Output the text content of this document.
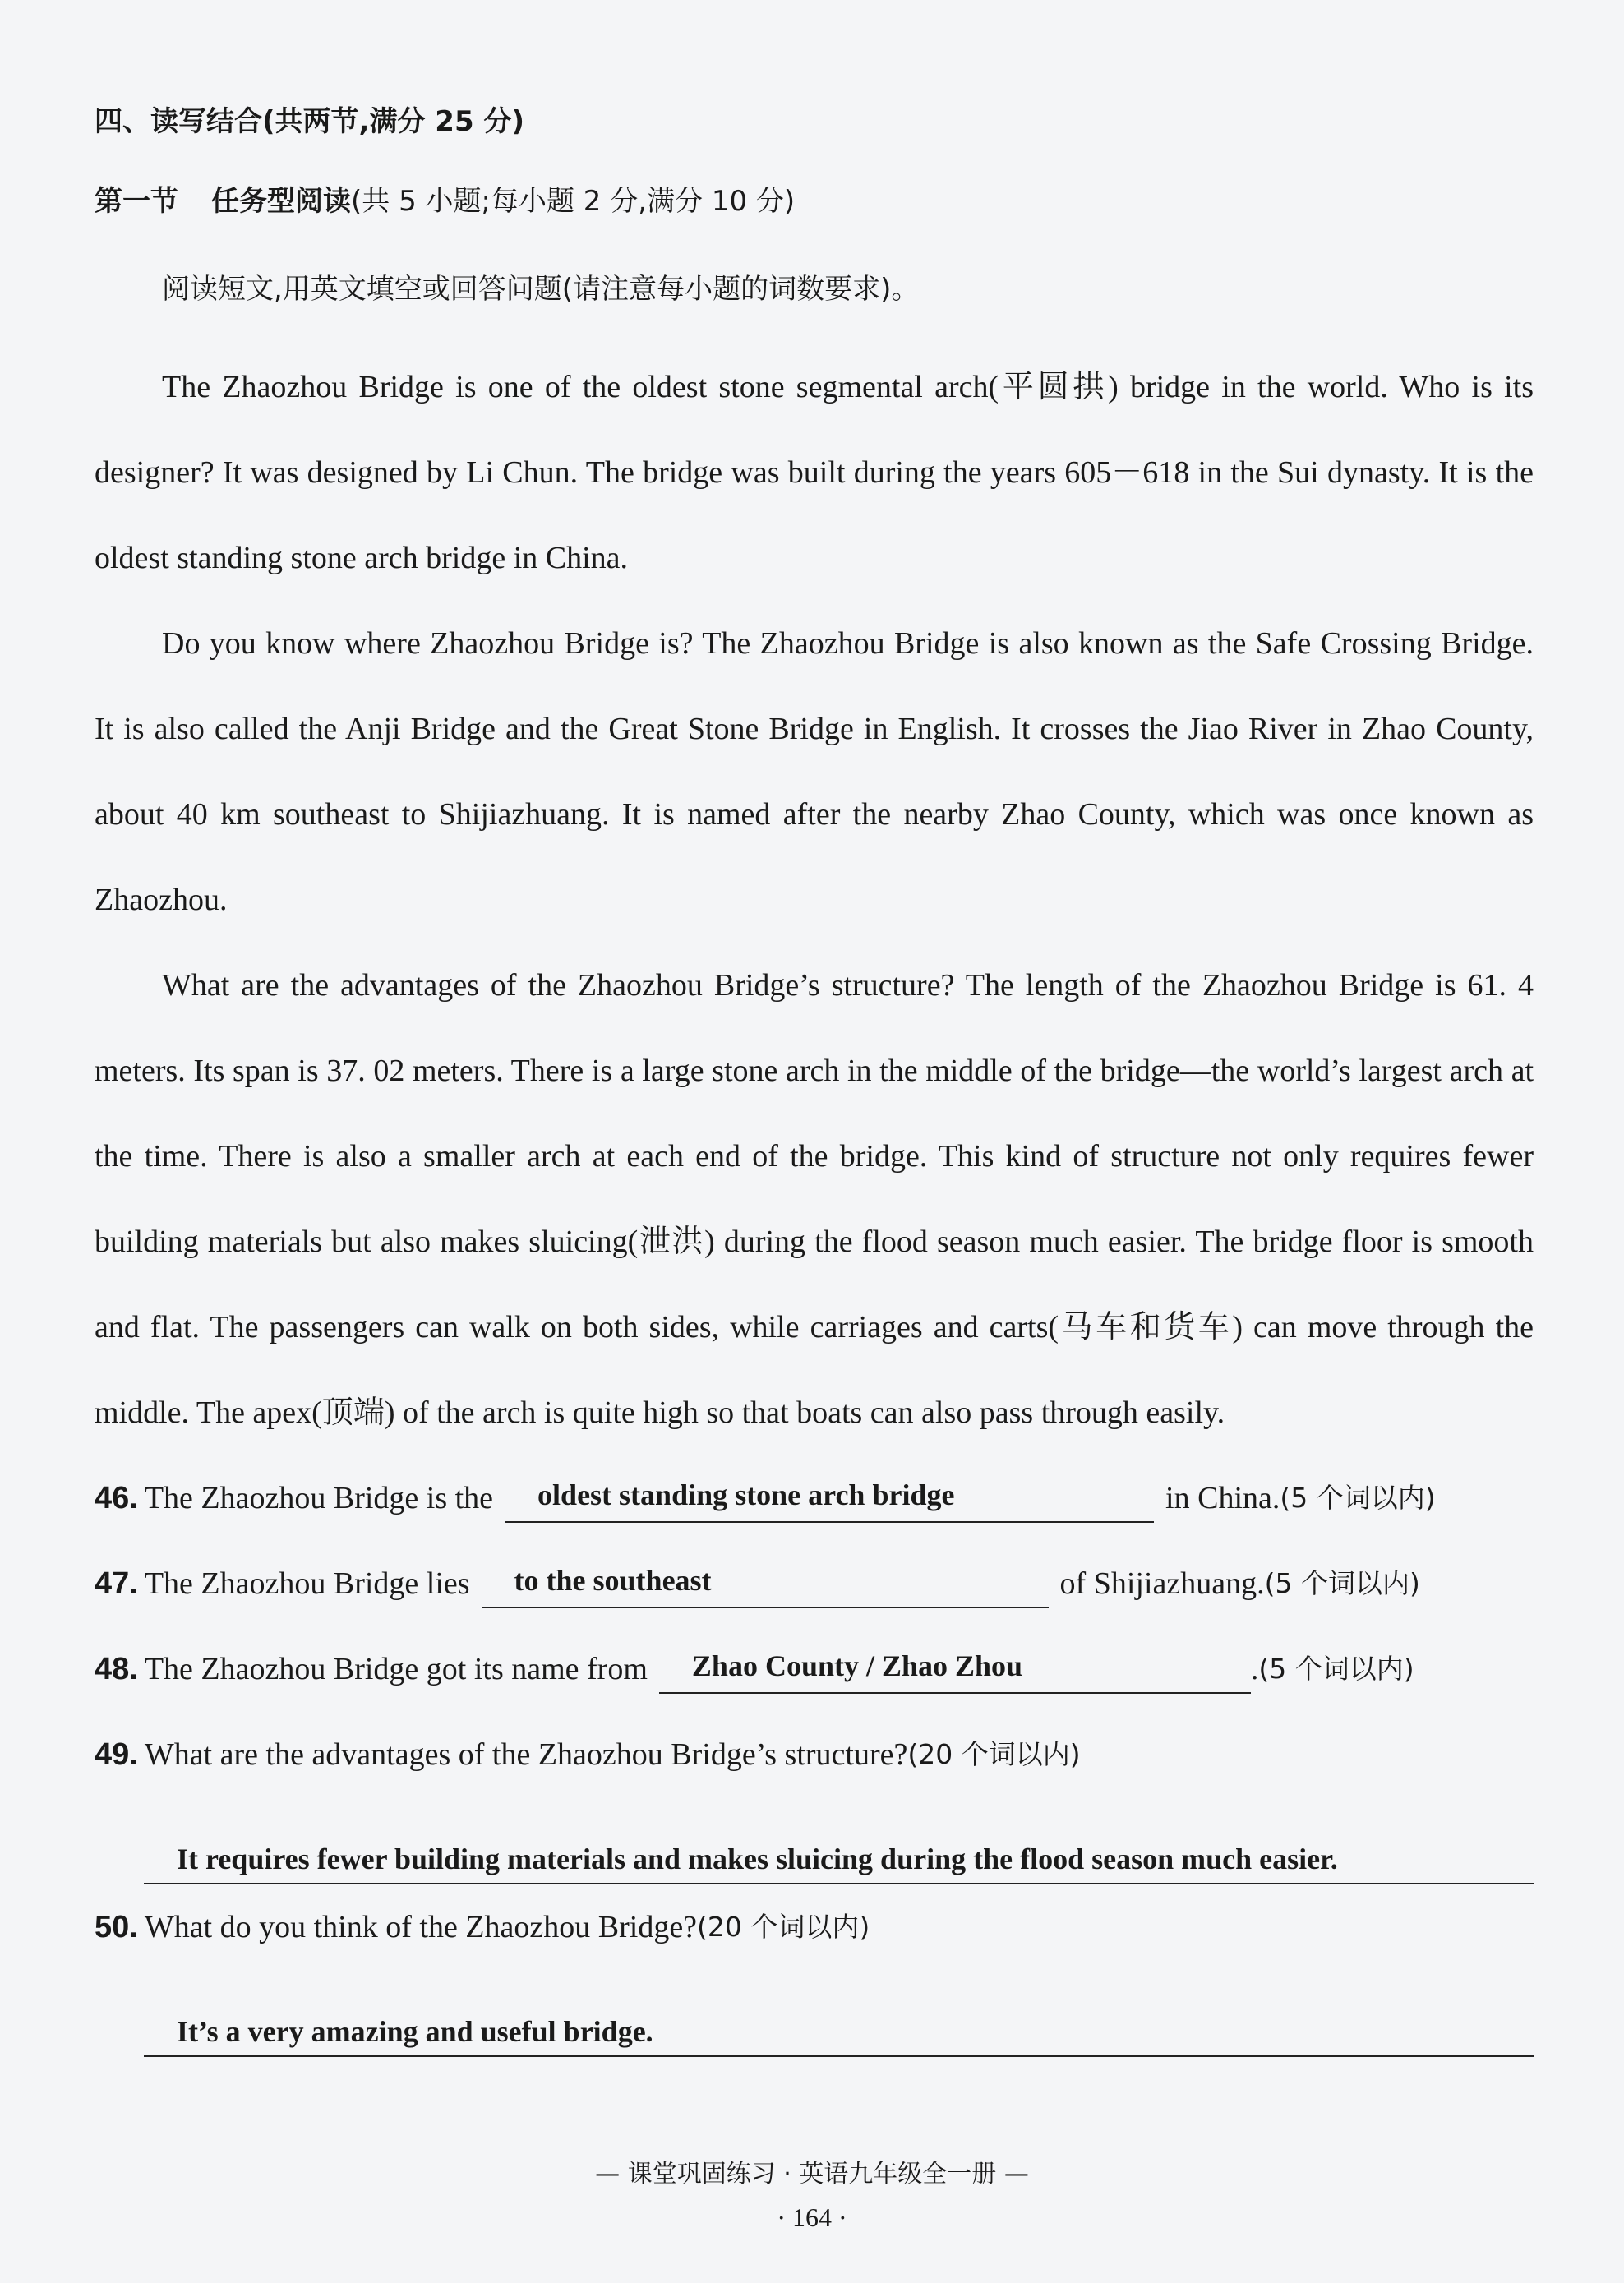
四、读写结合(共两节,满分 25 分)
第一节 任务型阅读(共 5 小题;每小题 2 分,满分 10 分)
阅读短文,用英文填空或回答问题(请注意每小题的词数要求)。

The Zhaozhou Bridge is one of the oldest stone segmental arch(平圆拱) bridge in the world. Who is its designer? It was designed by Li Chun. The bridge was built during the years 605－618 in the Sui dynasty. It is the oldest standing stone arch bridge in China.

Do you know where Zhaozhou Bridge is? The Zhaozhou Bridge is also known as the Safe Crossing Bridge. It is also called the Anji Bridge and the Great Stone Bridge in English. It crosses the Jiao River in Zhao County, about 40 km southeast to Shijiazhuang. It is named after the nearby Zhao County, which was once known as Zhaozhou.

What are the advantages of the Zhaozhou Bridge’s structure? The length of the Zhaozhou Bridge is 61. 4 meters. Its span is 37. 02 meters. There is a large stone arch in the middle of the bridge—the world’s largest arch at the time. There is also a smaller arch at each end of the bridge. This kind of structure not only requires fewer building materials but also makes sluicing(泄洪) during the flood season much easier. The bridge floor is smooth and flat. The passengers can walk on both sides, while carriages and carts(马车和货车) can move through the middle. The apex(顶端) of the arch is quite high so that boats can also pass through easily.

46. The Zhaozhou Bridge is the oldest standing stone arch bridge	in China. (5 个词以内)
47. The Zhaozhou Bridge lies to the southeast	of Shijiazhuang. (5 个词以内)
48. The Zhaozhou Bridge got its name from Zhao County / Zhao Zhou	. (5 个词以内)
49. What are the advantages of the Zhaozhou Bridge’s structure? (20 个词以内)
It requires fewer building materials and makes sluicing during the flood season much easier.
50. What do you think of the Zhaozhou Bridge? (20 个词以内)
It’s a very amazing and useful bridge.
— 课堂巩固练习 · 英语九年级全一册 —
· 164 ·
